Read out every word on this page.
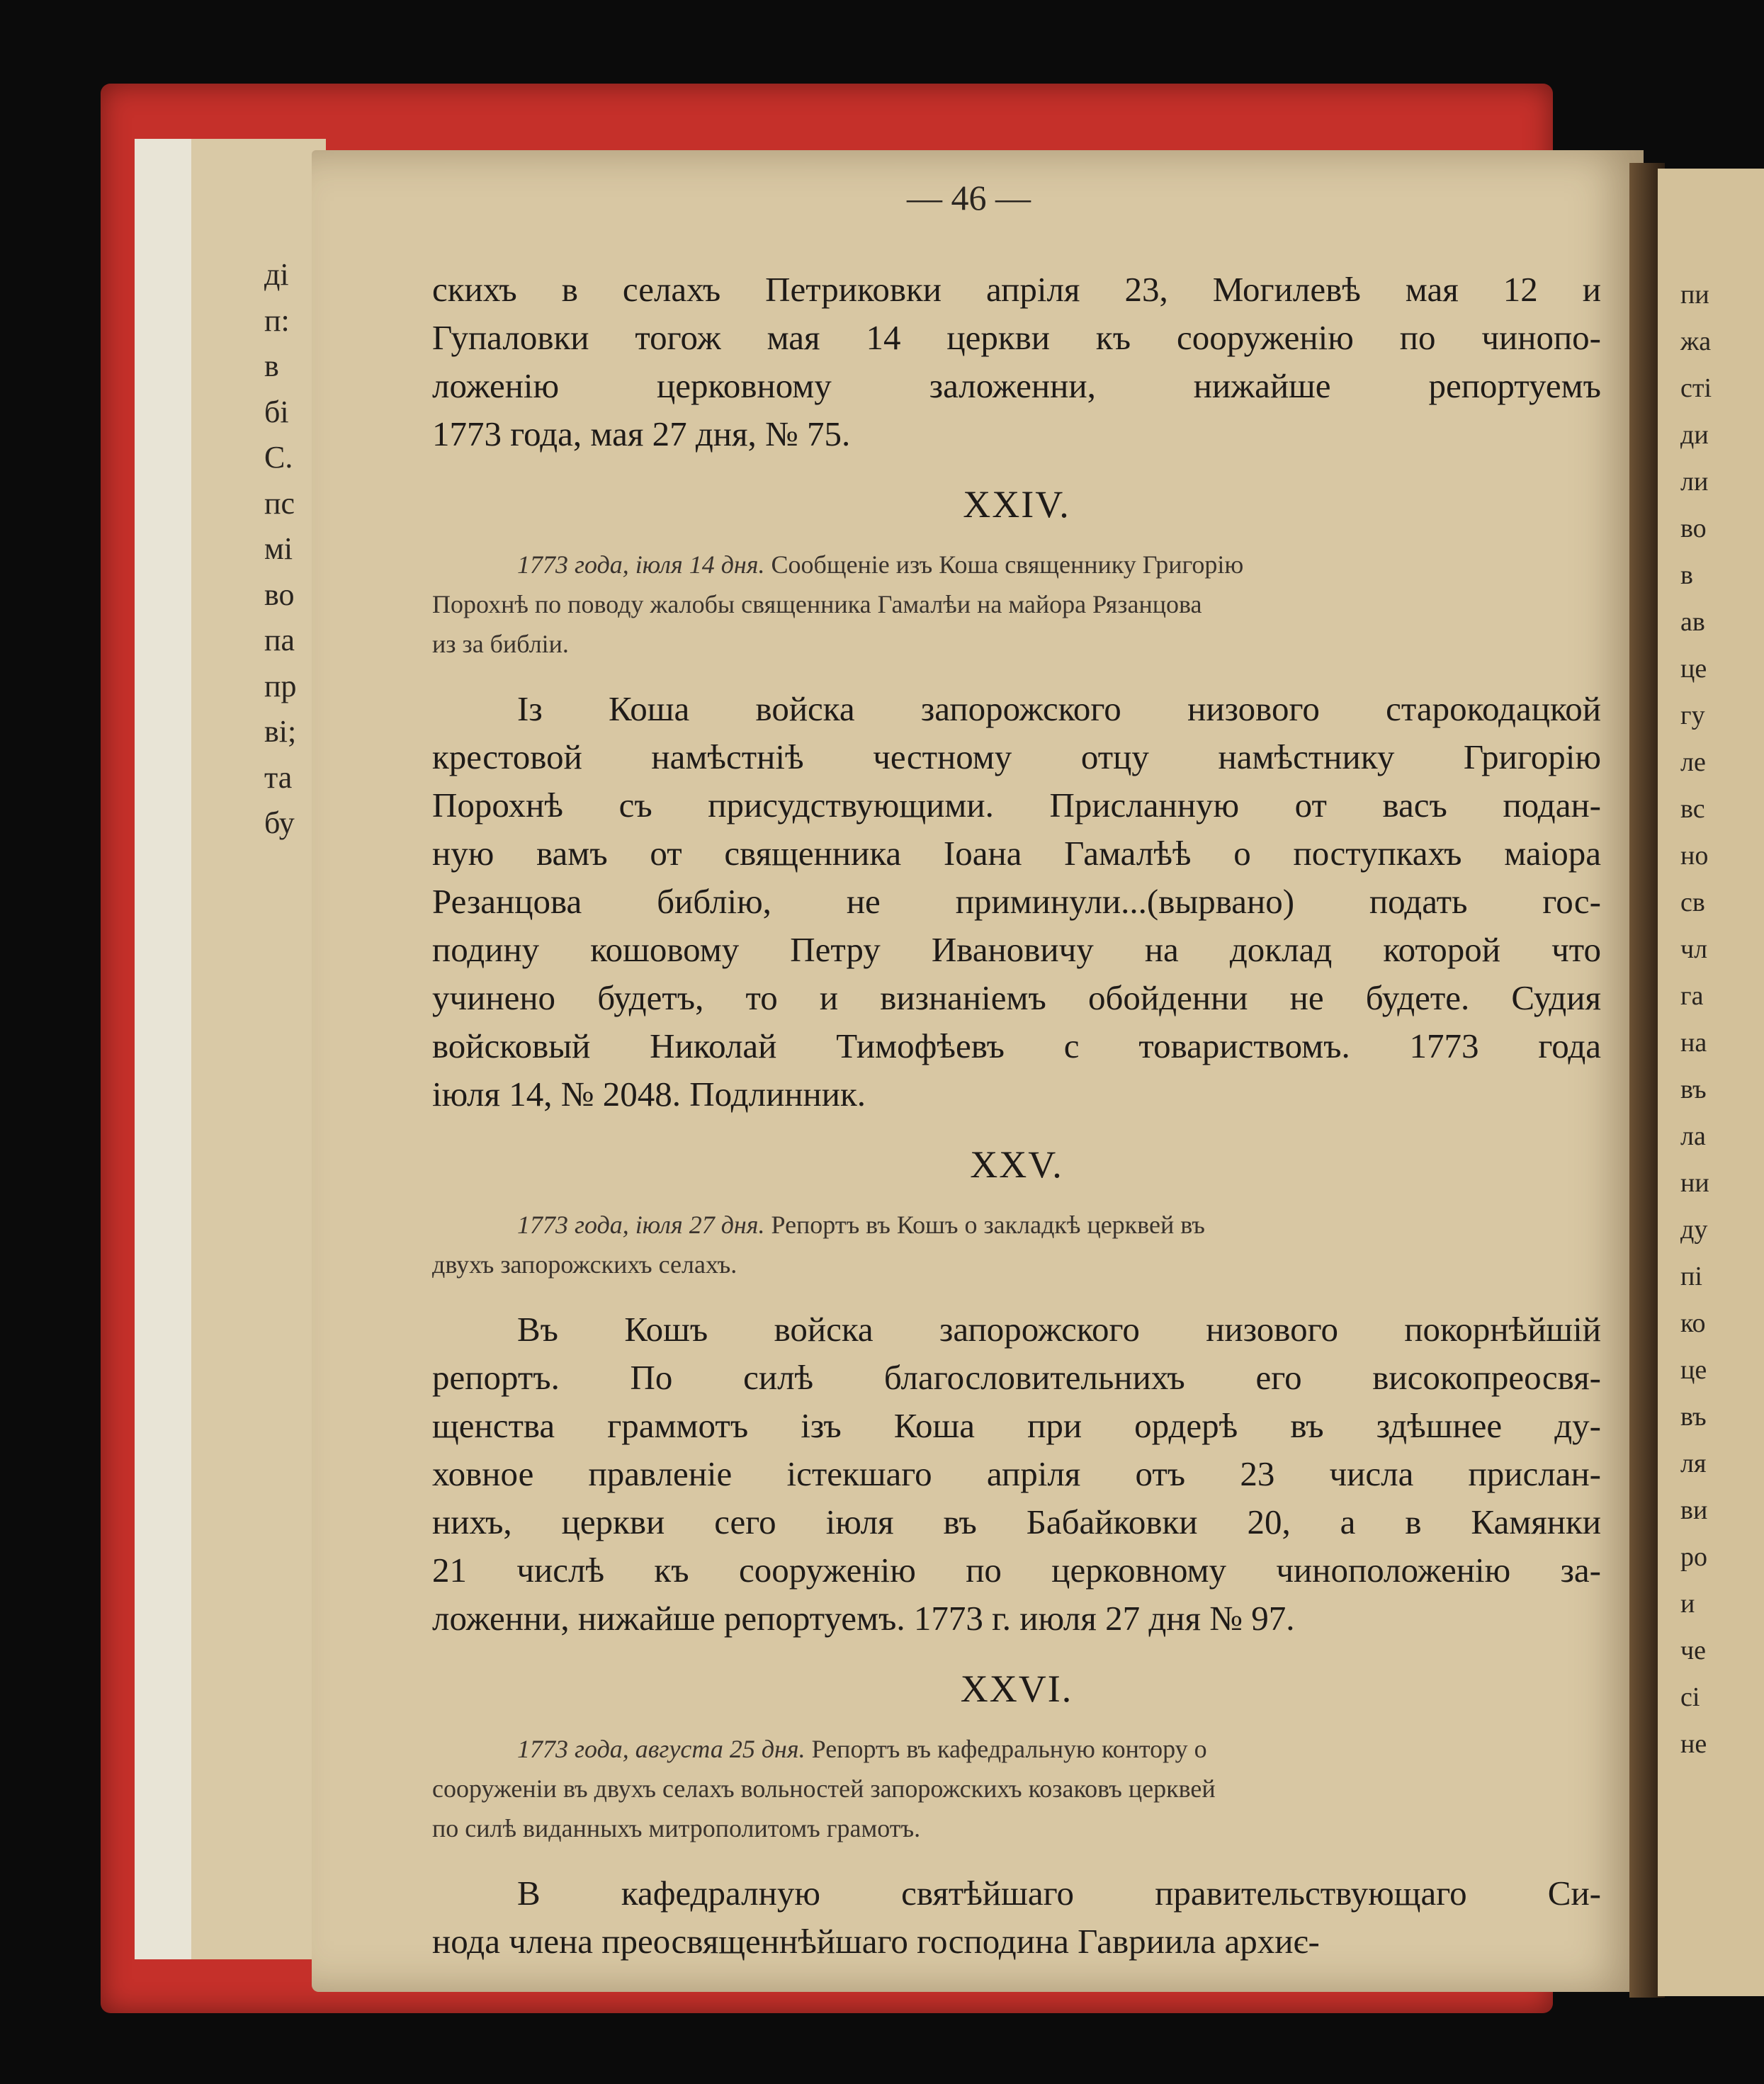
ді
п:
в
бі
С.
пс
мі
во
па
пр
ві;
та
бу
пи
жа
сті
ди
ли
во
в
ав
це
гу
ле
вс
но
св
чл
га
на
въ
ла
ни
ду
пі
ко
це
въ
ля
ви
ро
и
че
сі
не
— 46 —

скихъ в селахъ Петриковки апріля 23, Могилевѣ мая 12 и
Гупаловки тогож мая 14 церкви къ сооруженію по чинопо-
ложенію церковному заложенни, нижайше репортуемъ
1773 года, мая 27 дня, № 75.

XXIV.

1773 года, іюля 14 дня. Сообщеніе изъ Коша священнику Григорію
Порохнѣ по поводу жалобы священника Гамалѣи на майора Рязанцова
из за библіи.

Із Коша войска запорожского низового старокодацкой
крестовой намѣстніѣ честному отцу намѣстнику Григорію
Порохнѣ съ присудствующими. Присланную от васъ подан-
ную вамъ от священника Іоана Гамалѣѣ о поступкахъ маіора
Резанцова библію, не приминули...(вырвано) подать гос-
подину кошовому Петру Ивановичу на доклад которой что
учинено будетъ, то и визнаніемъ обойденни не будете. Судия
войсковый Николай Тимофѣевъ с товариствомъ. 1773 года
іюля 14, № 2048. Подлинник.

XXV.

1773 года, іюля 27 дня. Репортъ въ Кошъ о закладкѣ церквей въ
двухъ запорожскихъ селахъ.

Въ Кошъ войска запорожского низового покорнѣйшій
репортъ. По силѣ благословительнихъ его високопреосвя-
щенства граммотъ ізъ Коша при ордерѣ въ здѣшнее ду-
ховное правленіе істекшаго апріля отъ 23 числа прислан-
нихъ, церкви сего іюля въ Бабайковки 20, а в Камянки
21 числѣ къ сооруженію по церковному чиноположенію за-
ложенни, нижайше репортуемъ. 1773 г. июля 27 дня № 97.

XXVI.

1773 года, августа 25 дня. Репортъ въ кафедральную контору о
сооруженіи въ двухъ селахъ вольностей запорожскихъ козаковъ церквей
по силѣ виданныхъ митрополитомъ грамотъ.

В кафедралную святѣйшаго правительствующаго Си-
нода члена преосвященнѣйшаго господина Гавриила архиє-
